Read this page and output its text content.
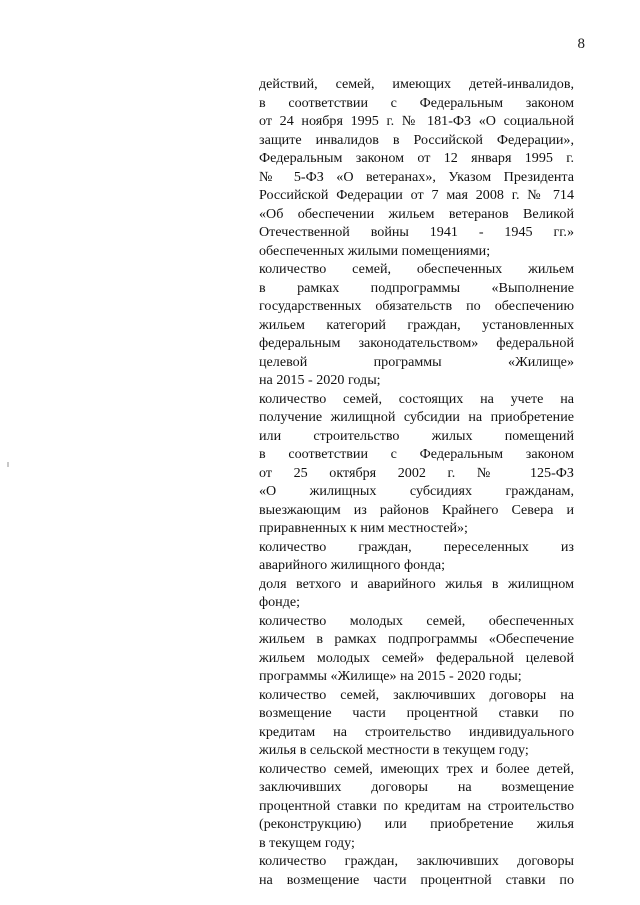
8
действий, семей, имеющих детей-инвалидов,
в соответствии с Федеральным законом
от 24 ноября 1995 г. № 181-ФЗ «О социальной
защите инвалидов в Российской Федерации»,
Федеральным законом от 12 января 1995 г.
№ 5-ФЗ «О ветеранах», Указом Президента
Российской Федерации от 7 мая 2008 г. № 714
«Об обеспечении жильем ветеранов Великой
Отечественной войны 1941 - 1945 гг.»
обеспеченных жилыми помещениями;
количество семей, обеспеченных жильем
в рамках подпрограммы «Выполнение
государственных обязательств по обеспечению
жильем категорий граждан, установленных
федеральным законодательством» федеральной
целевой программы «Жилище»
на 2015 - 2020 годы;
количество семей, состоящих на учете на
получение жилищной субсидии на приобретение
или строительство жилых помещений
в соответствии с Федеральным законом
от 25 октября 2002 г. № 125-ФЗ
«О жилищных субсидиях гражданам,
выезжающим из районов Крайнего Севера и
приравненных к ним местностей»;
количество граждан, переселенных из
аварийного жилищного фонда;
доля ветхого и аварийного жилья в жилищном
фонде;
количество молодых семей, обеспеченных
жильем в рамках подпрограммы «Обеспечение
жильем молодых семей» федеральной целевой
программы «Жилище» на 2015 - 2020 годы;
количество семей, заключивших договоры на
возмещение части процентной ставки по
кредитам на строительство индивидуального
жилья в сельской местности в текущем году;
количество семей, имеющих трех и более детей,
заключивших договоры на возмещение
процентной ставки по кредитам на строительство
(реконструкцию) или приобретение жилья
в текущем году;
количество граждан, заключивших договоры
на возмещение части процентной ставки по
